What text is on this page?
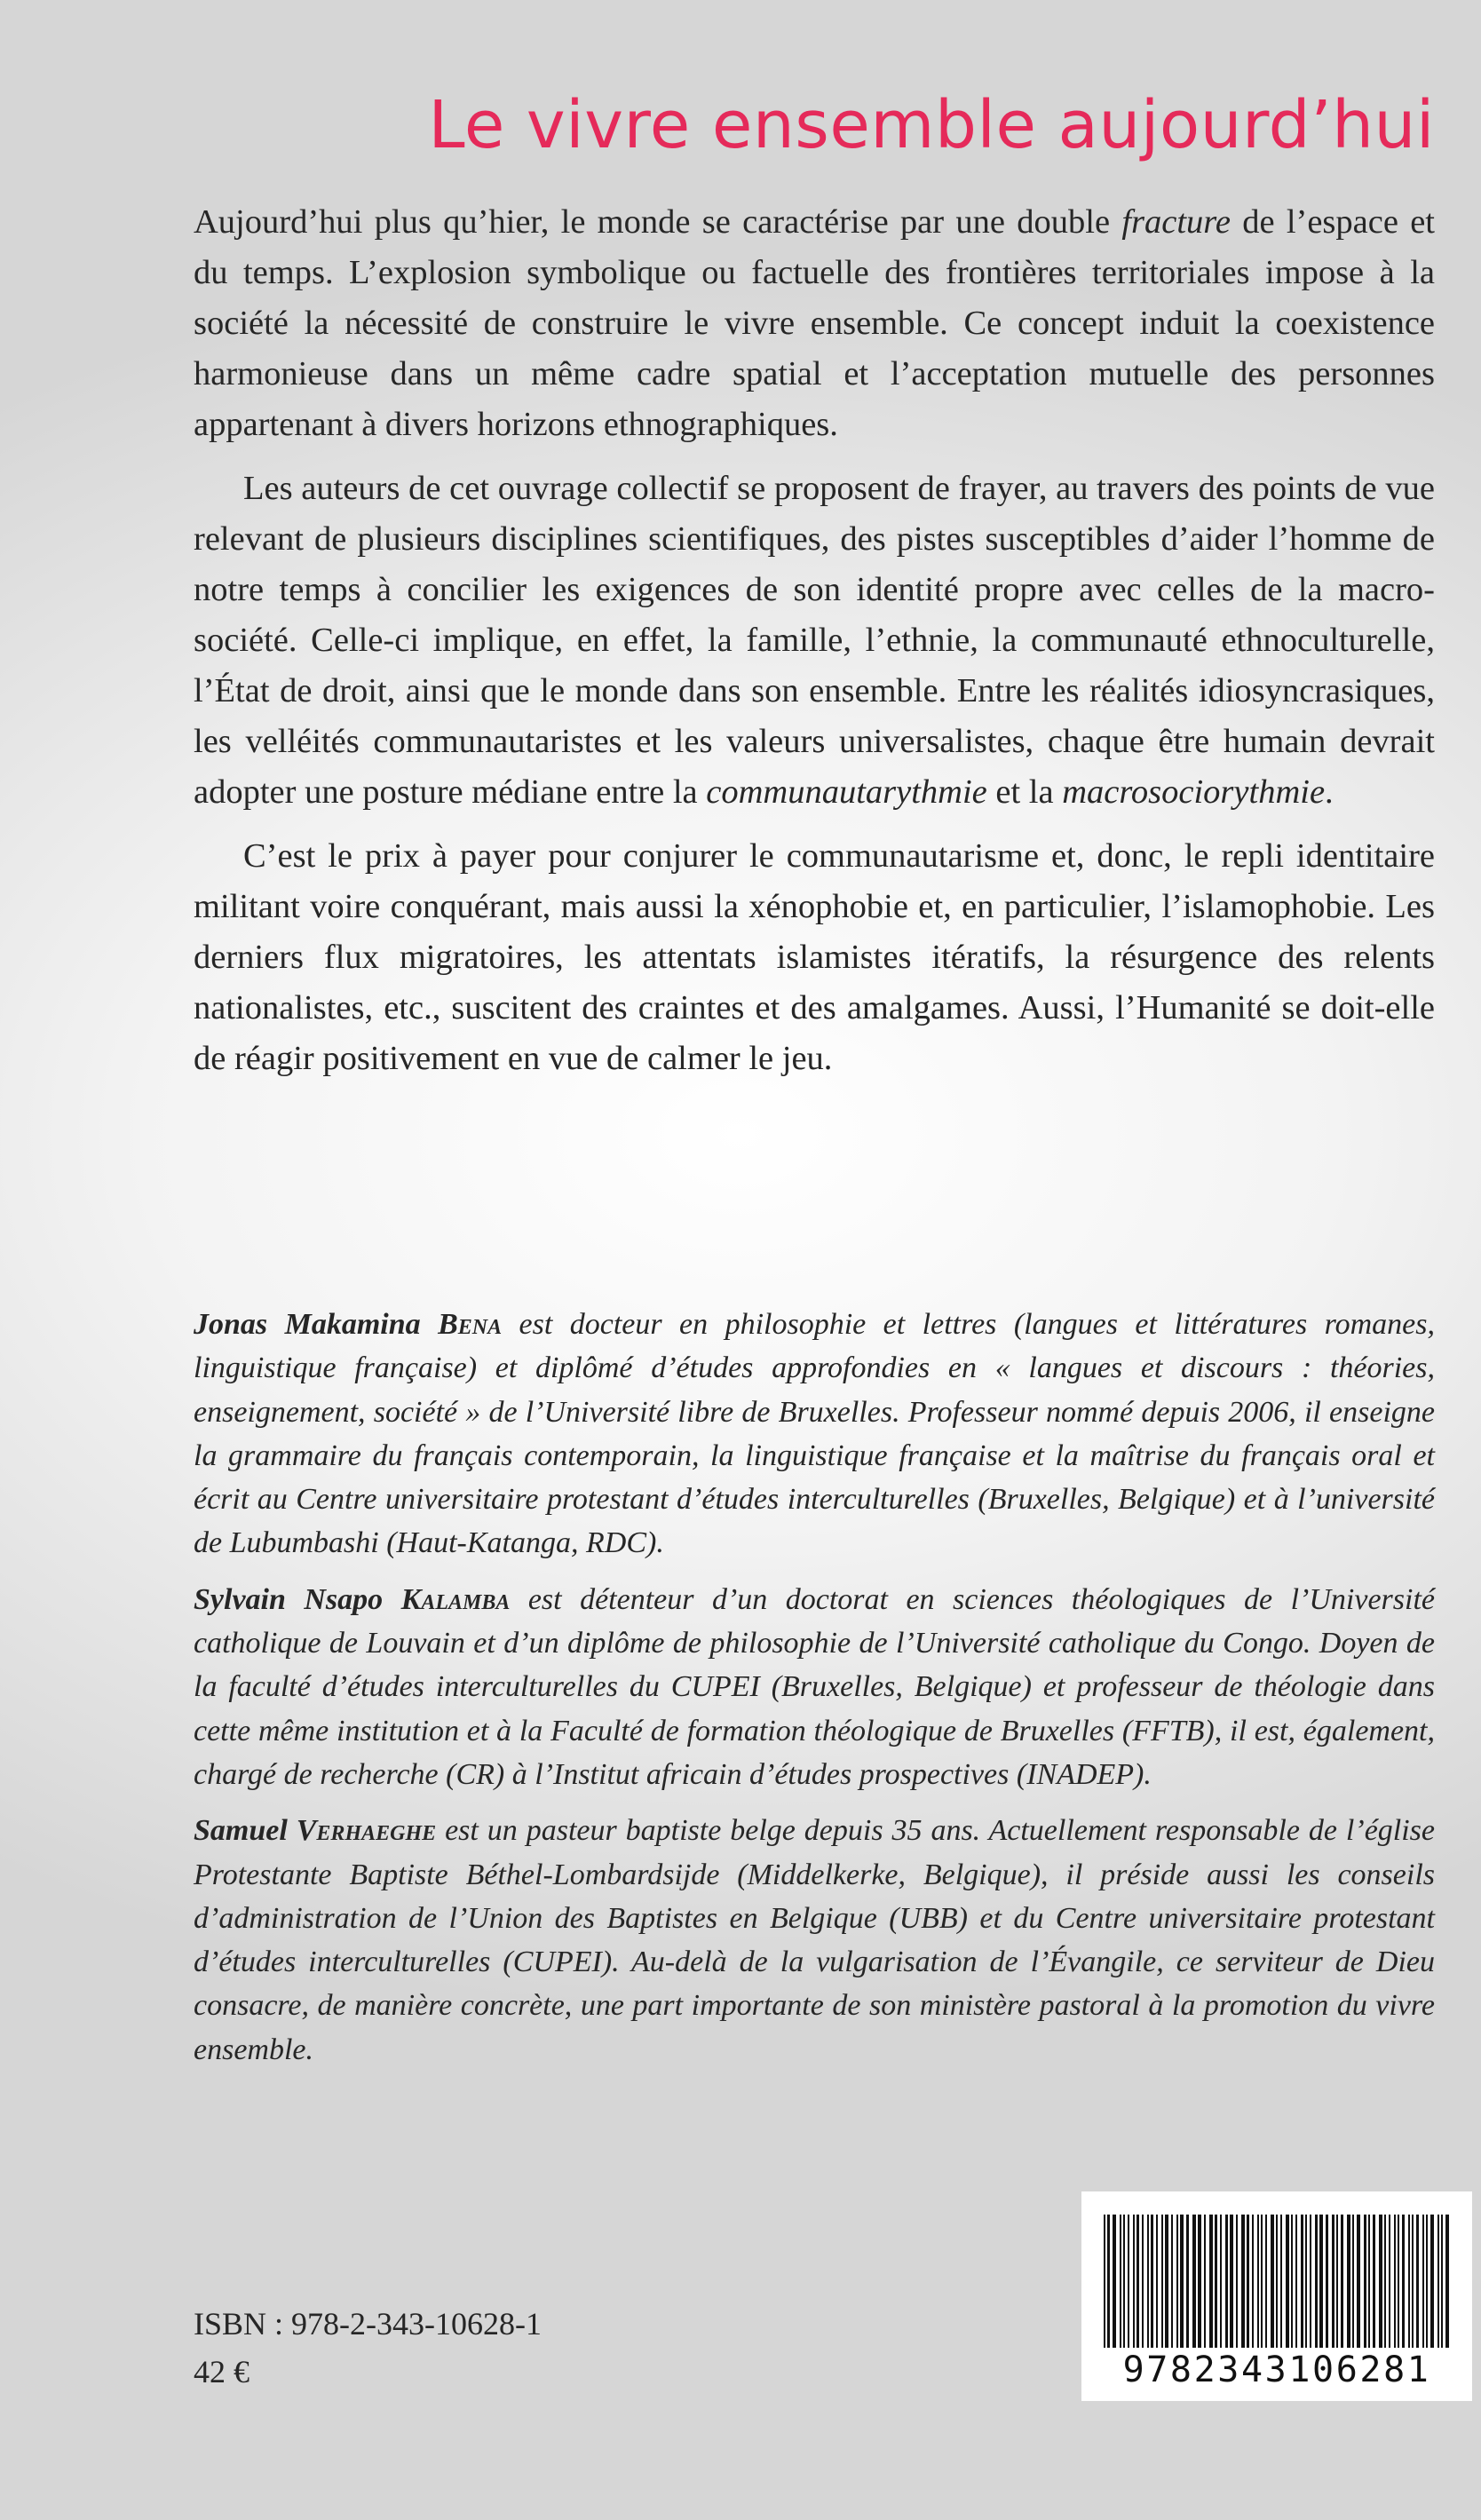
Le vivre ensemble aujourd’hui

Aujourd’hui plus qu’hier, le monde se caractérise par une double fracture de l’espace et du temps. L’explosion symbolique ou factuelle des frontières territoriales impose à la société la nécessité de construire le vivre ensemble. Ce concept induit la coexistence harmonieuse dans un même cadre spatial et l’acceptation mutuelle des personnes appartenant à divers horizons ethnographiques.

Les auteurs de cet ouvrage collectif se proposent de frayer, au travers des points de vue relevant de plusieurs disciplines scientifiques, des pistes susceptibles d’aider l’homme de notre temps à concilier les exigences de son identité propre avec celles de la macro-société. Celle-ci implique, en effet, la famille, l’ethnie, la communauté ethnoculturelle, l’État de droit, ainsi que le monde dans son ensemble. Entre les réalités idiosyncrasiques, les velléités communautaristes et les valeurs universalistes, chaque être humain devrait adopter une posture médiane entre la communautarythmie et la macrosociorythmie.

C’est le prix à payer pour conjurer le communautarisme et, donc, le repli identitaire militant voire conquérant, mais aussi la xénophobie et, en particulier, l’islamophobie. Les derniers flux migratoires, les attentats islamistes itératifs, la résurgence des relents nationalistes, etc., suscitent des craintes et des amalgames. Aussi, l’Humanité se doit-elle de réagir positivement en vue de calmer le jeu.

Jonas Makamina Bena est docteur en philosophie et lettres (langues et littératures romanes, linguistique française) et diplômé d’études approfondies en « langues et discours : théories, enseignement, société » de l’Université libre de Bruxelles. Professeur nommé depuis 2006, il enseigne la grammaire du français contemporain, la linguistique française et la maîtrise du français oral et écrit au Centre universitaire protestant d’études interculturelles (Bruxelles, Belgique) et à l’université de Lubumbashi (Haut-Katanga, RDC).

Sylvain Nsapo Kalamba est détenteur d’un doctorat en sciences théologiques de l’Université catholique de Louvain et d’un diplôme de philosophie de l’Université catholique du Congo. Doyen de la faculté d’études interculturelles du CUPEI (Bruxelles, Belgique) et professeur de théologie dans cette même institution et à la Faculté de formation théologique de Bruxelles (FFTB), il est, également, chargé de recherche (CR) à l’Institut africain d’études prospectives (INADEP).

Samuel Verhaeghe est un pasteur baptiste belge depuis 35 ans. Actuellement responsable de l’église Protestante Baptiste Béthel-Lombardsijde (Middelkerke, Belgique), il préside aussi les conseils d’administration de l’Union des Baptistes en Belgique (UBB) et du Centre universitaire protestant d’études interculturelles (CUPEI). Au-delà de la vulgarisation de l’Évangile, ce serviteur de Dieu consacre, de manière concrète, une part importante de son ministère pastoral à la promotion du vivre ensemble.

ISBN : 978-2-343-10628-1
42 €	9782343106281
